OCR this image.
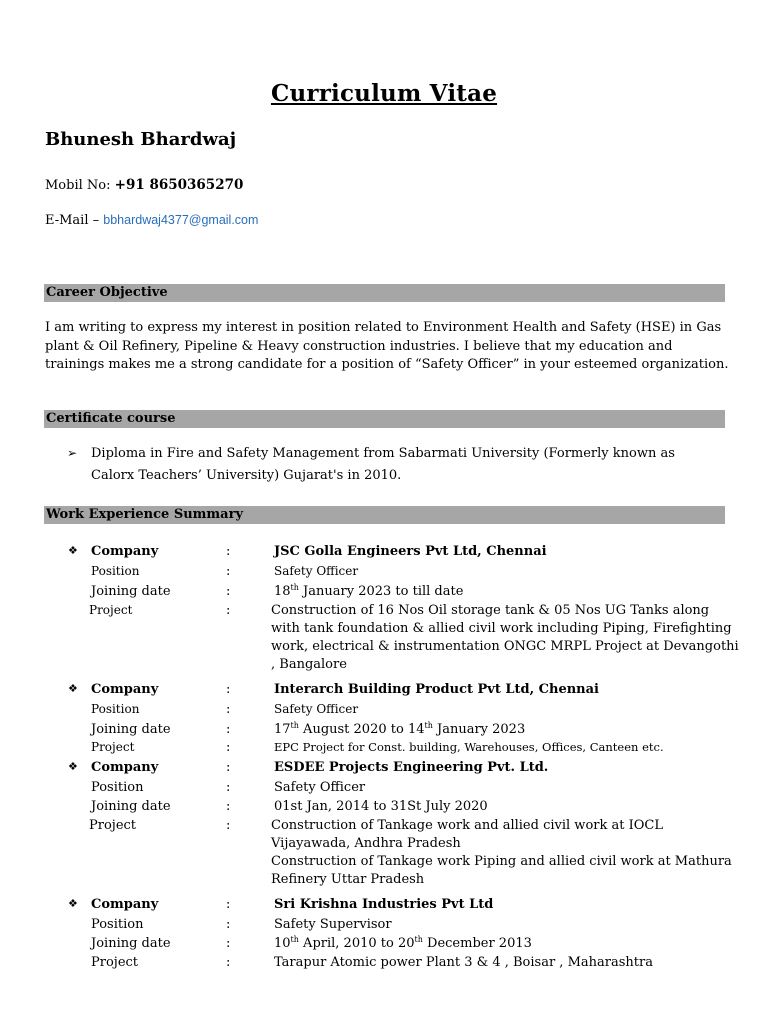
Curriculum Vitae
Bhunesh Bhardwaj
Mobil No: +91 8650365270
E-Mail – bbhardwaj4377@gmail.com
Career Objective
I am writing to express my interest in position related to Environment Health and Safety (HSE) in Gas plant & Oil Refinery, Pipeline & Heavy construction industries. I believe that my education and trainings makes me a strong candidate for a position of “Safety Officer” in your esteemed organization.
Certificate course
➢ Diploma in Fire and Safety Management from Sabarmati University (Formerly known as Calorx Teachers’ University) Gujarat's in 2010.
Work Experience Summary
❖ Company	:	JSC Golla Engineers Pvt Ltd, Chennai
Position	:	Safety Officer
Joining date	:	18th January 2023 to till date
Project	:	Construction of 16 Nos Oil storage tank & 05 Nos UG Tanks along with tank foundation & allied civil work including Piping, Firefighting work, electrical & instrumentation ONGC MRPL Project at Devangothi , Bangalore
❖ Company	:	Interarch Building Product Pvt Ltd, Chennai
Position	:	Safety Officer
Joining date	:	17th August 2020 to 14th January 2023
Project	:	EPC Project for Const. building, Warehouses, Offices, Canteen etc.
❖ Company	:	ESDEE Projects Engineering Pvt. Ltd.
Position	:	Safety Officer
Joining date	:	01st Jan, 2014 to 31St July 2020
Project	:	Construction of Tankage work and allied civil work at IOCL Vijayawada, Andhra Pradesh
Construction of Tankage work Piping and allied civil work at Mathura Refinery Uttar Pradesh
❖ Company	:	Sri Krishna Industries Pvt Ltd
Position	:	Safety Supervisor
Joining date	:	10th April, 2010 to 20th December 2013
Project	:	Tarapur Atomic power Plant 3 & 4 , Boisar , Maharashtra
